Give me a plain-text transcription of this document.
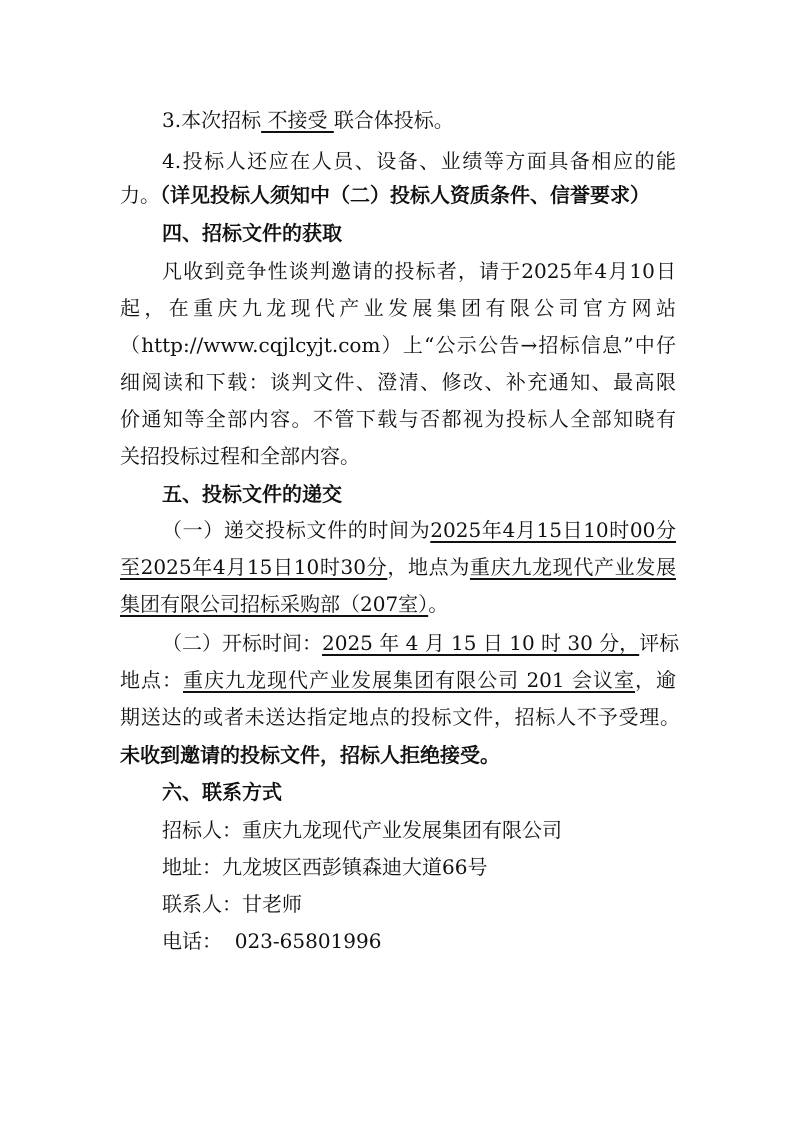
3.本次招标 不接受 联合体投标。
4.投标人还应在人员、设备、业绩等方面具备相应的能
力。（详见投标人须知中（二）投标人资质条件、信誉要求）
四、招标文件的获取
凡收到竞争性谈判邀请的投标者，请于2025年4月10日
起，在重庆九龙现代产业发展集团有限公司官方网站
（http://www.cqjlcyjt.com）上“公示公告→招标信息”中仔
细阅读和下载：谈判文件、澄清、修改、补充通知、最高限
价通知等全部内容。不管下载与否都视为投标人全部知晓有
关招投标过程和全部内容。
五、投标文件的递交
（一）递交投标文件的时间为2025年4月15日10时00分
至2025年4月15日10时30分，地点为重庆九龙现代产业发展
集团有限公司招标采购部（207室）。
（二）开标时间：2025 年 4 月 15 日 10 时 30 分，评标
地点：重庆九龙现代产业发展集团有限公司 201 会议室，逾
期送达的或者未送达指定地点的投标文件，招标人不予受理。
未收到邀请的投标文件，招标人拒绝接受。
六、联系方式
招标人：重庆九龙现代产业发展集团有限公司
地址：九龙坡区西彭镇森迪大道66号
联系人：甘老师
电话：  023-65801996
